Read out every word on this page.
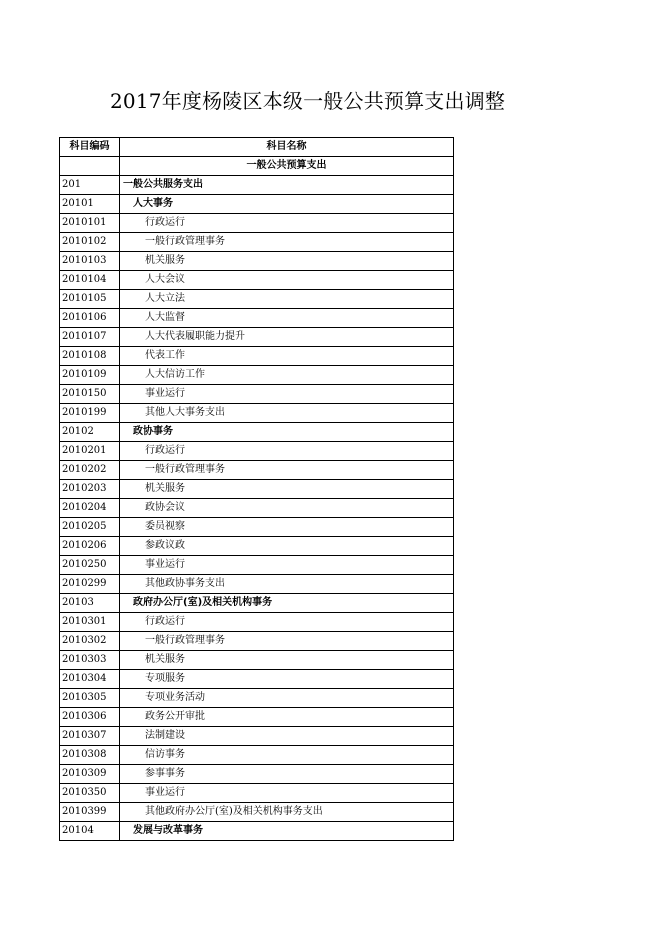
2017年度杨陵区本级一般公共预算支出调整
科目编码	科目名称
	一般公共预算支出
201	一般公共服务支出
20101	人大事务
2010101	行政运行
2010102	一般行政管理事务
2010103	机关服务
2010104	人大会议
2010105	人大立法
2010106	人大监督
2010107	人大代表履职能力提升
2010108	代表工作
2010109	人大信访工作
2010150	事业运行
2010199	其他人大事务支出
20102	政协事务
2010201	行政运行
2010202	一般行政管理事务
2010203	机关服务
2010204	政协会议
2010205	委员视察
2010206	参政议政
2010250	事业运行
2010299	其他政协事务支出
20103	政府办公厅(室)及相关机构事务
2010301	行政运行
2010302	一般行政管理事务
2010303	机关服务
2010304	专项服务
2010305	专项业务活动
2010306	政务公开审批
2010307	法制建设
2010308	信访事务
2010309	参事事务
2010350	事业运行
2010399	其他政府办公厅(室)及相关机构事务支出
20104	发展与改革事务
